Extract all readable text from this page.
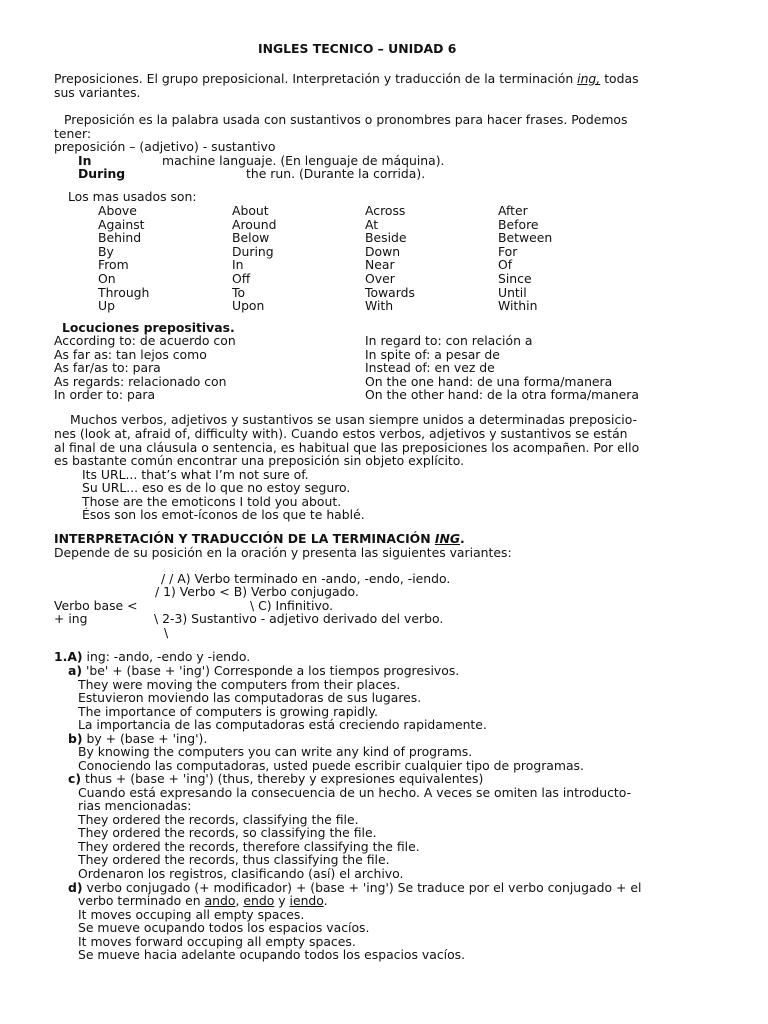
INGLES TECNICO – UNIDAD 6
Preposiciones. El grupo preposicional. Interpretación y traducción de la terminación ing, todas
sus variantes.
Preposición es la palabra usada con sustantivos o pronombres para hacer frases. Podemos
tener:
preposición – (adjetivo) - sustantivo
In	machine languaje. (En lenguaje de máquina).
During	the run. (Durante la corrida).
Los mas usados son:
Above	About	Across	After
Against	Around	At	Before
Behind	Below	Beside	Between
By	During	Down	For
From	In	Near	Of
On	Off	Over	Since
Through	To	Towards	Until
Up	Upon	With	Within
Locuciones prepositivas.
According to: de acuerdo con	In regard to: con relación a
As far as: tan lejos como	In spite of: a pesar de
As far/as to: para	Instead of: en vez de
As regards: relacionado con	On the one hand: de una forma/manera
In order to: para	On the other hand: de la otra forma/manera
Muchos verbos, adjetivos y sustantivos se usan siempre unidos a determinadas preposicio-
nes (look at, afraid of, difficulty with). Cuando estos verbos, adjetivos y sustantivos se están
al final de una cláusula o sentencia, es habitual que las preposiciones los acompañen. Por ello
es bastante común encontrar una preposición sin objeto explícito.
Its URL... that’s what I’m not sure of.
Su URL... eso es de lo que no estoy seguro.
Those are the emoticons I told you about.
Ésos son los emot-íconos de los que te hablé.
INTERPRETACIÓN Y TRADUCCIÓN DE LA TERMINACIÓN ING.
Depende de su posición en la oración y presenta las siguientes variantes:
/ / A) Verbo terminado en -ando, -endo, -iendo.
/ 1) Verbo < B) Verbo conjugado.
Verbo base <	\ C) Infinitivo.
+ ing	\ 2-3) Sustantivo - adjetivo derivado del verbo.
\
1.A) ing: -ando, -endo y -iendo.
a) 'be' + (base + 'ing') Corresponde a los tiempos progresivos.
They were moving the computers from their places.
Estuvieron moviendo las computadoras de sus lugares.
The importance of computers is growing rapidly.
La importancia de las computadoras está creciendo rapidamente.
b) by + (base + 'ing').
By knowing the computers you can write any kind of programs.
Conociendo las computadoras, usted puede escribir cualquier tipo de programas.
c) thus + (base + 'ing') (thus, thereby y expresiones equivalentes)
Cuando está expresando la consecuencia de un hecho. A veces se omiten las introducto-
rias mencionadas:
They ordered the records, classifying the file.
They ordered the records, so classifying the file.
They ordered the records, therefore classifying the file.
They ordered the records, thus classifying the file.
Ordenaron los registros, clasificando (así) el archivo.
d) verbo conjugado (+ modificador) + (base + 'ing') Se traduce por el verbo conjugado + el
verbo terminado en ando, endo y iendo.
It moves occuping all empty spaces.
Se mueve ocupando todos los espacios vacíos.
It moves forward occuping all empty spaces.
Se mueve hacia adelante ocupando todos los espacios vacíos.
